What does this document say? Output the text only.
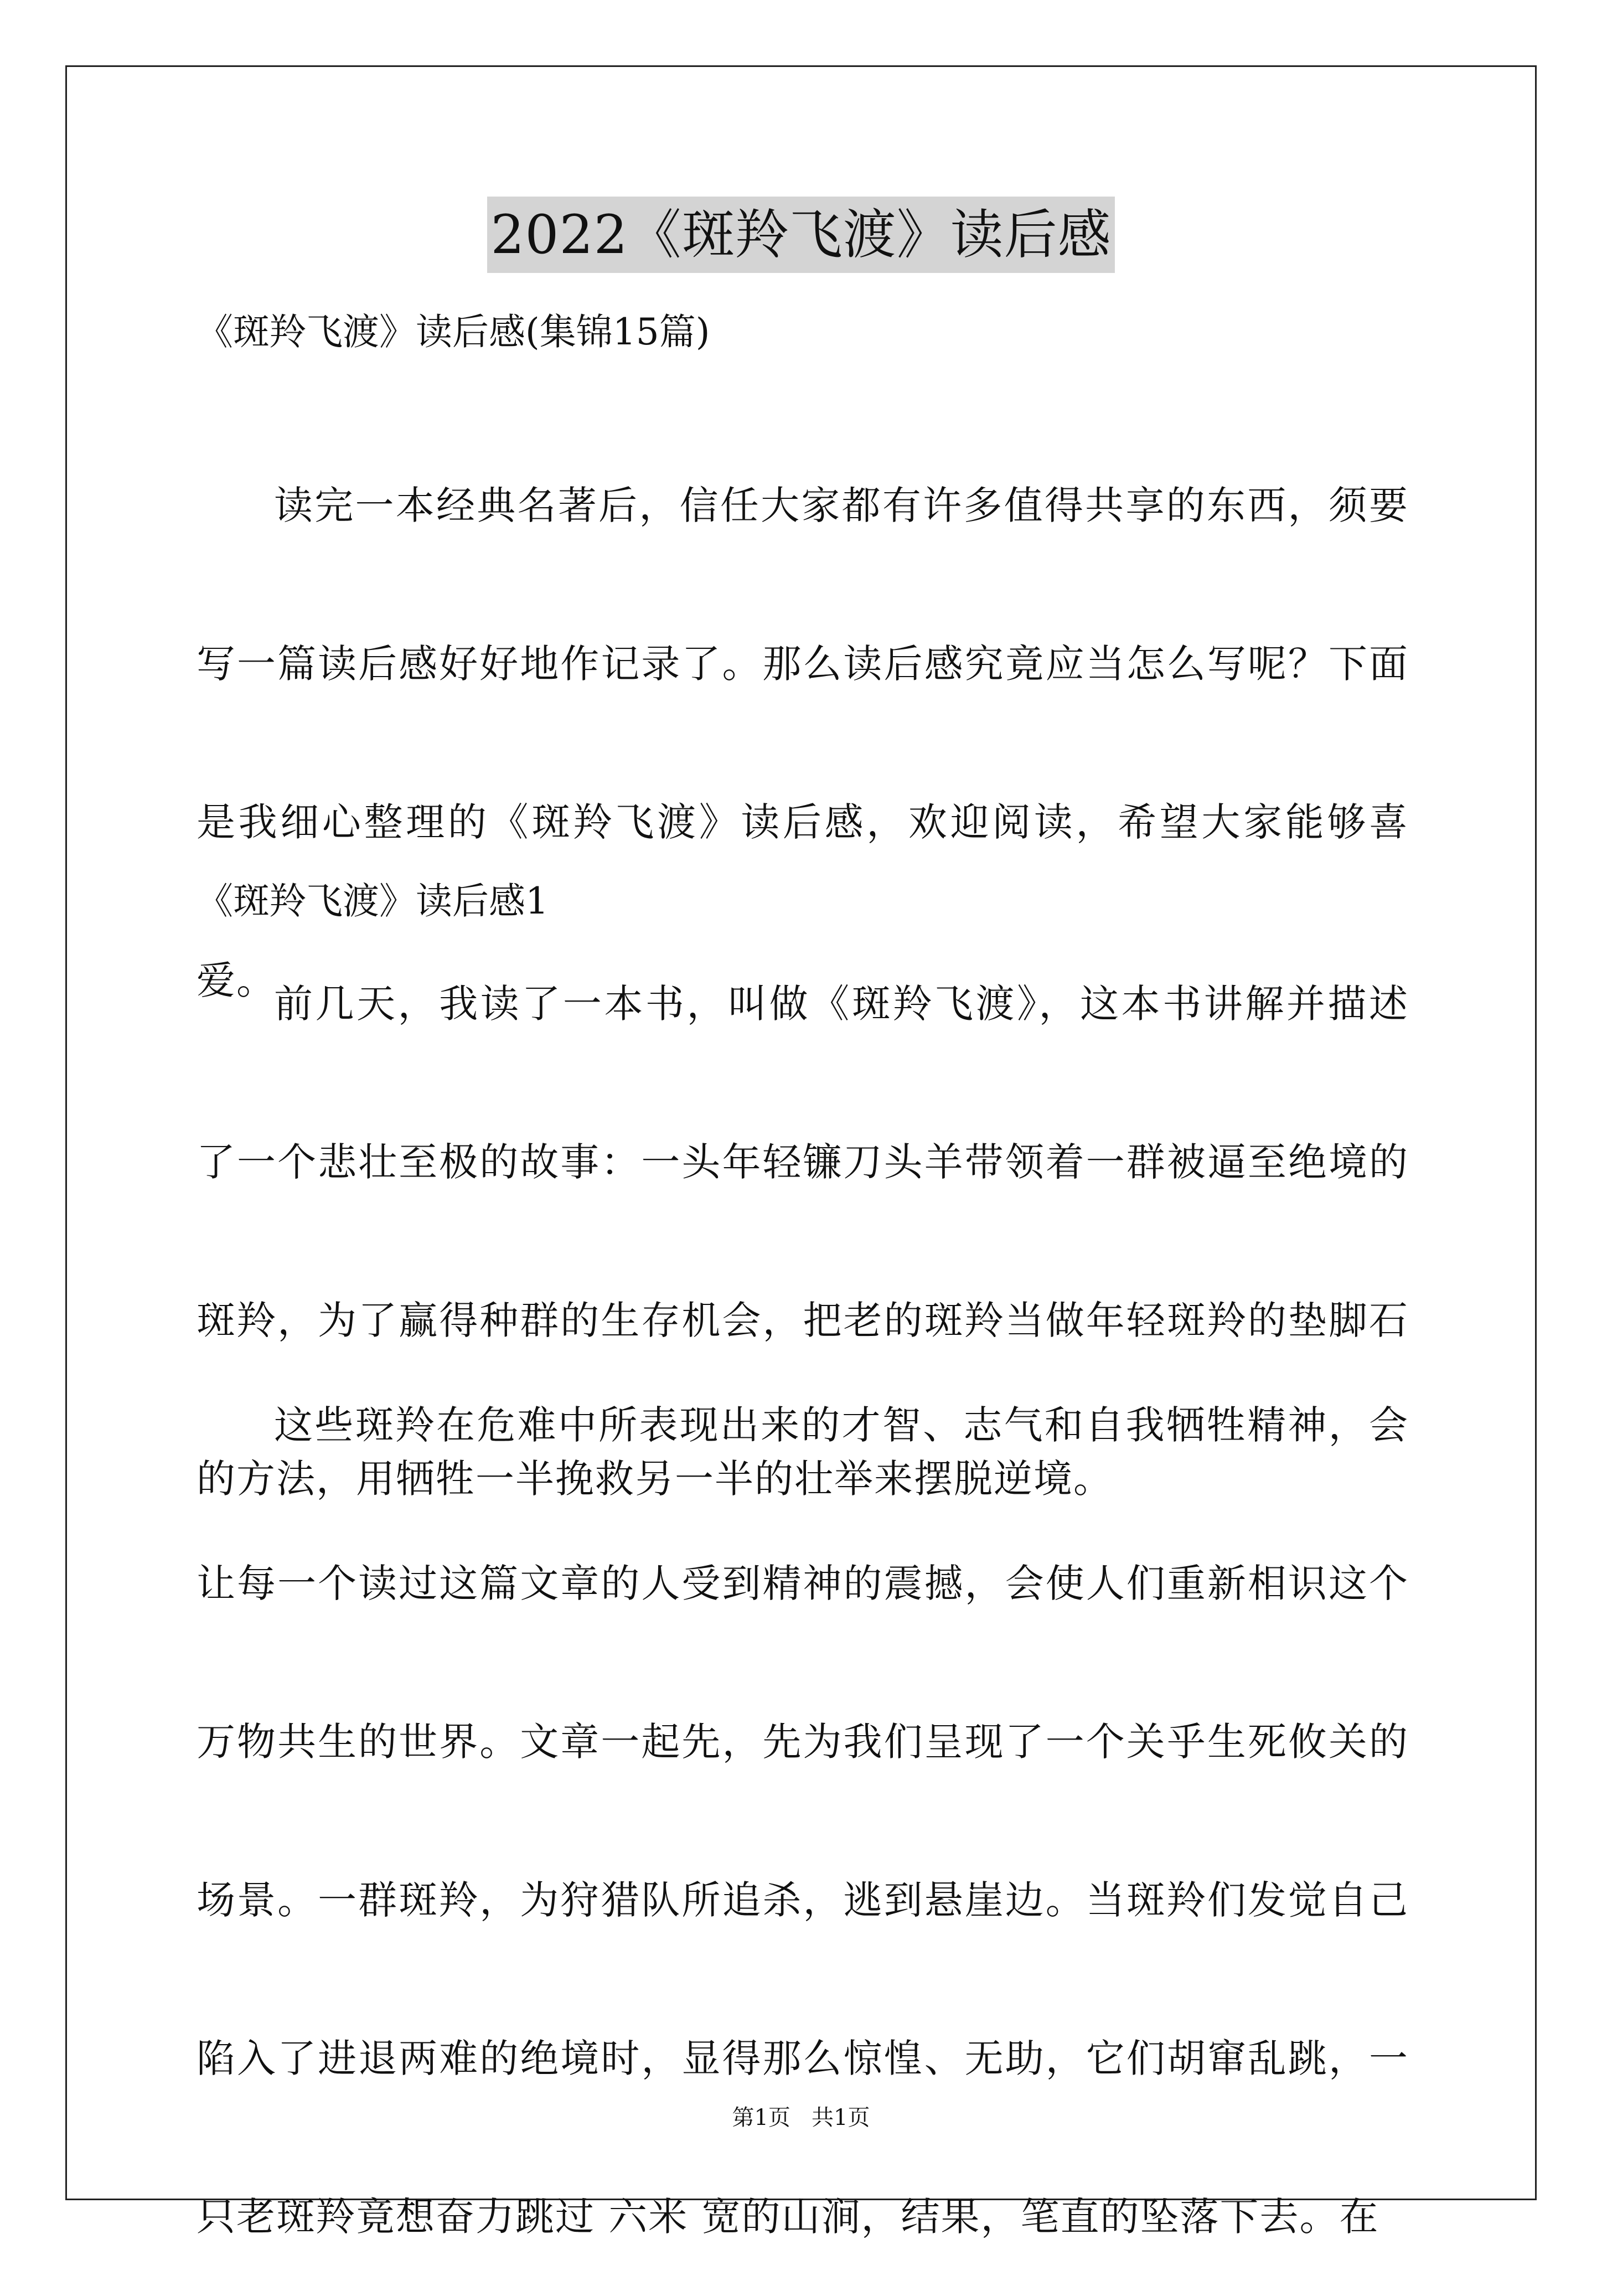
2022《斑羚飞渡》读后感
《斑羚飞渡》读后感(集锦15篇)

读完一本经典名著后，信任大家都有许多值得共享的东西，须要写一篇读后感好好地作记录了。那么读后感究竟应当怎么写呢？下面是我细心整理的《斑羚飞渡》读后感，欢迎阅读，希望大家能够喜爱。

《斑羚飞渡》读后感1

前几天，我读了一本书，叫做《斑羚飞渡》，这本书讲解并描述了一个悲壮至极的故事：一头年轻镰刀头羊带领着一群被逼至绝境的斑羚，为了赢得种群的生存机会，把老的斑羚当做年轻斑羚的垫脚石的方法，用牺牲一半挽救另一半的壮举来摆脱逆境。

这些斑羚在危难中所表现出来的才智、志气和自我牺牲精神，会让每一个读过这篇文章的人受到精神的震撼，会使人们重新相识这个万物共生的世界。文章一起先，先为我们呈现了一个关乎生死攸关的场景。一群斑羚，为狩猎队所追杀，逃到悬崖边。当斑羚们发觉自己陷入了进退两难的绝境时，显得那么惊惶、无助，它们胡窜乱跳，一只老斑羚竟想奋力跳过 六米 宽的山涧，结果，笔直的坠落下去。在

第1页   共1页
